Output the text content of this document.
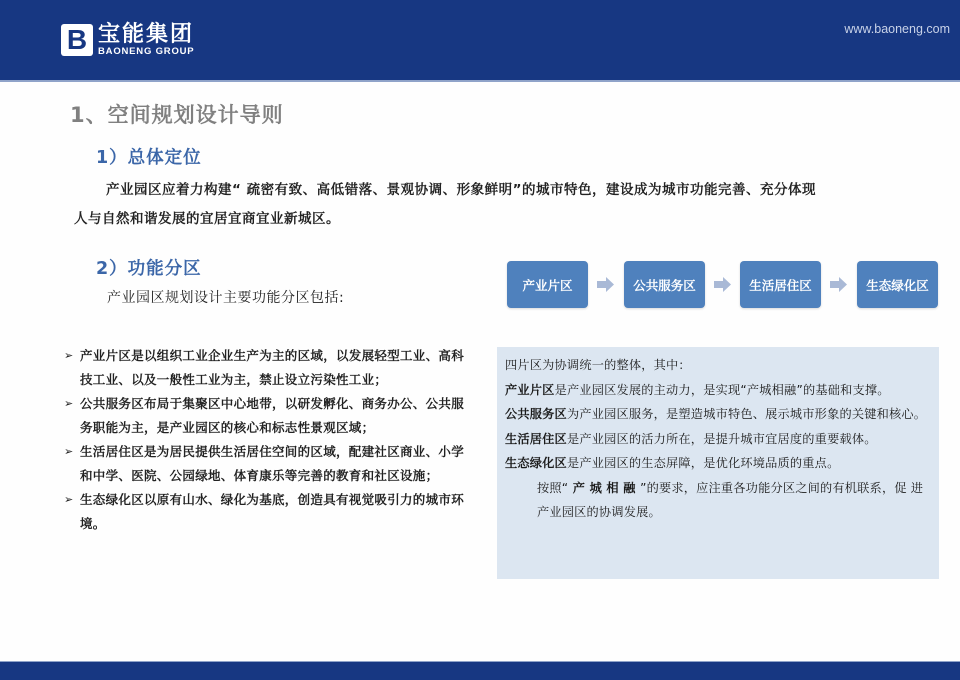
B 宝能集团
BAONENG GROUP
www.baoneng.com
1、空间规划设计导则
1）总体定位
产业园区应着力构建“ 疏密有致、高低错落、景观协调、形象鲜明”的城市特色，建设成为城市功能完善、充分体现
人与自然和谐发展的宜居宜商宜业新城区。
2）功能分区
产业园区规划设计主要功能分区包括:
➢ 产业片区是以组织工业企业生产为主的区域，以发展轻型工业、高科技工业、以及一般性工业为主，禁止设立污染性工业；
➢ 公共服务区布局于集聚区中心地带，以研发孵化、商务办公、公共服务职能为主，是产业园区的核心和标志性景观区域；
➢ 生活居住区是为居民提供生活居住空间的区域，配建社区商业、小学和中学、医院、公园绿地、体育康乐等完善的教育和社区设施；
➢ 生态绿化区以原有山水、绿化为基底，创造具有视觉吸引力的城市环境。
产业片区	公共服务区	生活居住区	生态绿化区

四片区为协调统一的整体，其中：

产业片区是产业园区发展的主动力，是实现“产城相融”的基础和支撑。

公共服务区为产业园区服务，是塑造城市特色、展示城市形象的关键和核心。

生活居住区是产业园区的活力所在，是提升城市宜居度的重要载体。

生态绿化区是产业园区的生态屏障，是优化环境品质的重点。

按照“ 产 城 相 融 ”的要求，应注重各功能分区之间的有机联系，促 进产业园区的协调发展。
